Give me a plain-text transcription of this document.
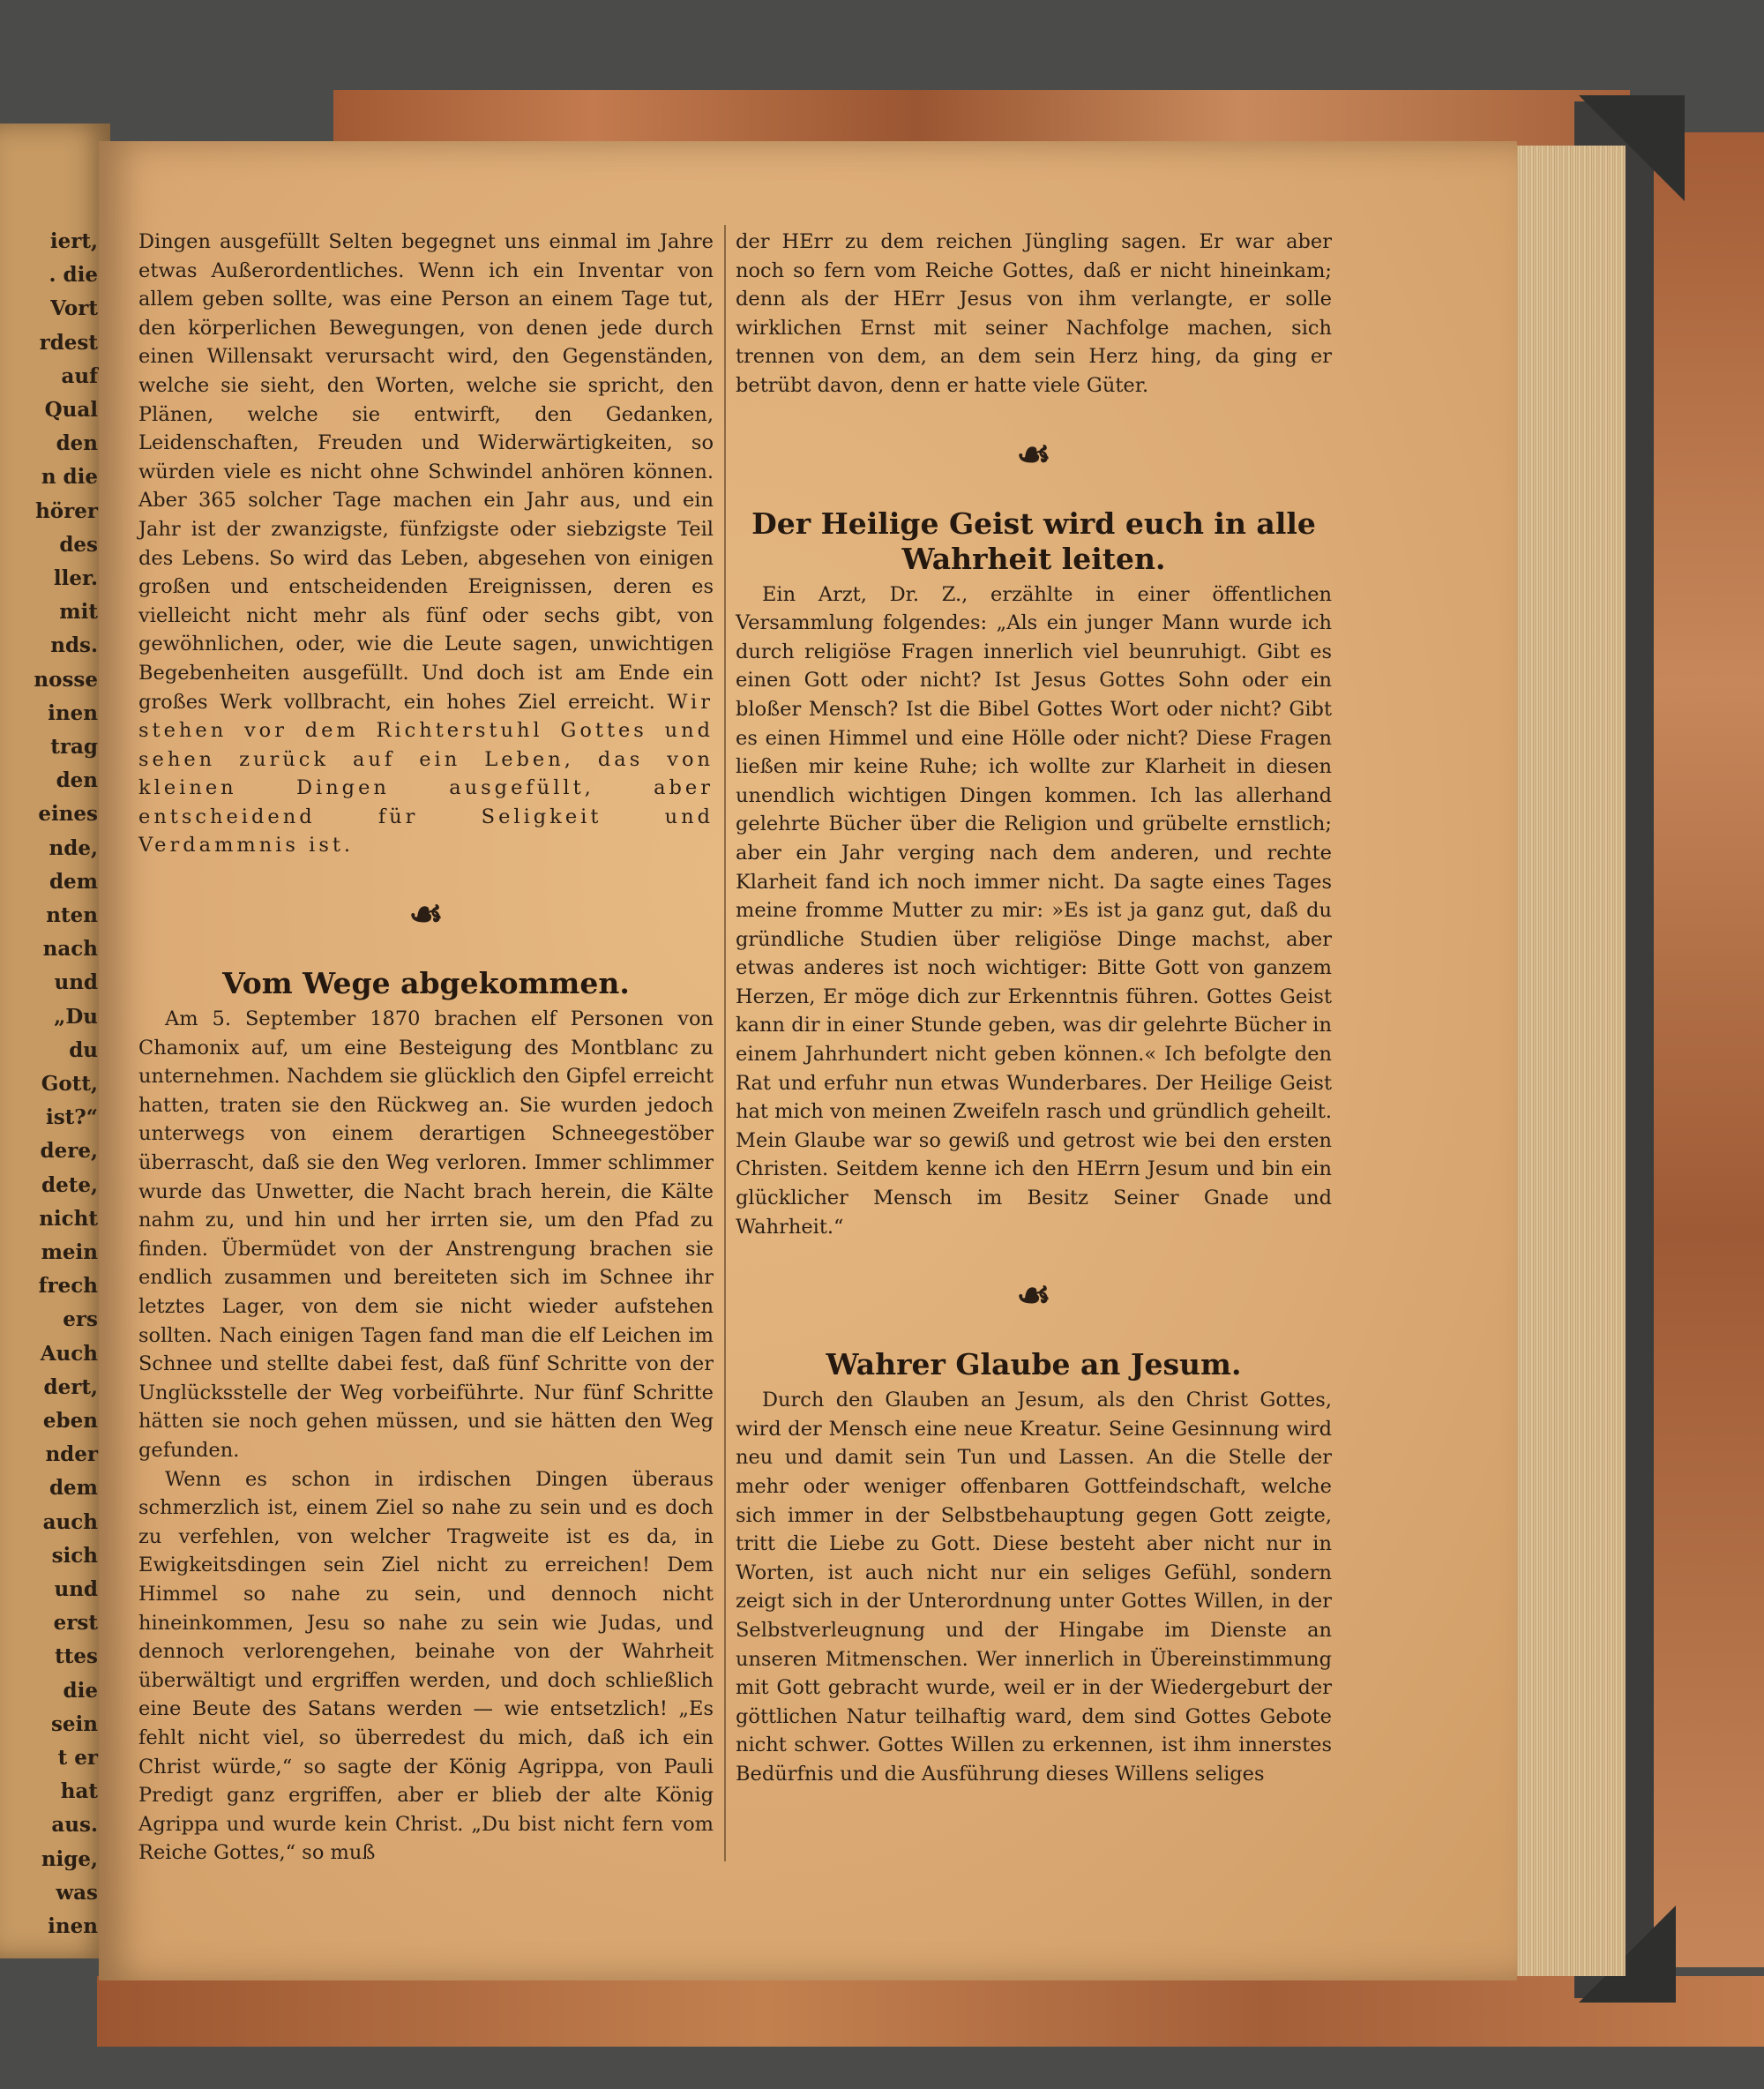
iert,
. die
Vort
rdest
auf
Qual
den
n die
hörer
des
ller.
mit
nds.
nosse
inen
trag
den
eines
nde,
dem
nten
nach
und
„Du
du
Gott,
ist?“
dere,
dete,
nicht
mein
frech
ers
Auch
dert,
eben
nder
dem
auch
sich
und
erst
ttes
die
sein
t er
hat
aus.
nige,
was
inen

Dingen ausgefüllt Selten begegnet uns einmal im Jahre etwas Außerordentliches. Wenn ich ein Inventar von allem geben sollte, was eine Person an einem Tage tut, den körperlichen Bewegungen, von denen jede durch einen Willensakt verursacht wird, den Gegenständen, welche sie sieht, den Worten, welche sie spricht, den Plänen, welche sie entwirft, den Gedanken, Leidenschaften, Freuden und Widerwärtigkeiten, so würden viele es nicht ohne Schwindel anhören können. Aber 365 solcher Tage machen ein Jahr aus, und ein Jahr ist der zwanzigste, fünfzigste oder siebzigste Teil des Lebens. So wird das Leben, abgesehen von einigen großen und entscheidenden Ereignissen, deren es vielleicht nicht mehr als fünf oder sechs gibt, von gewöhnlichen, oder, wie die Leute sagen, unwichtigen Begebenheiten ausgefüllt. Und doch ist am Ende ein großes Werk vollbracht, ein hohes Ziel erreicht. Wir stehen vor dem Richterstuhl Gottes und sehen zurück auf ein Leben, das von kleinen Dingen ausgefüllt, aber entscheidend für Seligkeit und Verdammnis ist.

☙
Vom Wege abgekommen.

Am 5. September 1870 brachen elf Personen von Chamonix auf, um eine Besteigung des Montblanc zu unternehmen. Nachdem sie glücklich den Gipfel erreicht hatten, traten sie den Rückweg an. Sie wurden jedoch unterwegs von einem derartigen Schneegestöber überrascht, daß sie den Weg verloren. Immer schlimmer wurde das Unwetter, die Nacht brach herein, die Kälte nahm zu, und hin und her irrten sie, um den Pfad zu finden. Übermüdet von der Anstrengung brachen sie endlich zusammen und bereiteten sich im Schnee ihr letztes Lager, von dem sie nicht wieder aufstehen sollten. Nach einigen Tagen fand man die elf Leichen im Schnee und stellte dabei fest, daß fünf Schritte von der Unglücksstelle der Weg vorbeiführte. Nur fünf Schritte hätten sie noch gehen müssen, und sie hätten den Weg gefunden.

Wenn es schon in irdischen Dingen überaus schmerzlich ist, einem Ziel so nahe zu sein und es doch zu verfehlen, von welcher Tragweite ist es da, in Ewigkeitsdingen sein Ziel nicht zu erreichen! Dem Himmel so nahe zu sein, und dennoch nicht hineinkommen, Jesu so nahe zu sein wie Judas, und dennoch verlorengehen, beinahe von der Wahrheit überwältigt und ergriffen werden, und doch schließlich eine Beute des Satans werden — wie entsetzlich! „Es fehlt nicht viel, so überredest du mich, daß ich ein Christ würde,“ so sagte der König Agrippa, von Pauli Predigt ganz ergriffen, aber er blieb der alte König Agrippa und wurde kein Christ. „Du bist nicht fern vom Reiche Gottes,“ so muß

der HErr zu dem reichen Jüngling sagen. Er war aber noch so fern vom Reiche Gottes, daß er nicht hineinkam; denn als der HErr Jesus von ihm verlangte, er solle wirklichen Ernst mit seiner Nachfolge machen, sich trennen von dem, an dem sein Herz hing, da ging er betrübt davon, denn er hatte viele Güter.

☙
Der Heilige Geist wird euch in alle Wahrheit leiten.

Ein Arzt, Dr. Z., erzählte in einer öffentlichen Versammlung folgendes: „Als ein junger Mann wurde ich durch religiöse Fragen innerlich viel beunruhigt. Gibt es einen Gott oder nicht? Ist Jesus Gottes Sohn oder ein bloßer Mensch? Ist die Bibel Gottes Wort oder nicht? Gibt es einen Himmel und eine Hölle oder nicht? Diese Fragen ließen mir keine Ruhe; ich wollte zur Klarheit in diesen unendlich wichtigen Dingen kommen. Ich las allerhand gelehrte Bücher über die Religion und grübelte ernstlich; aber ein Jahr verging nach dem anderen, und rechte Klarheit fand ich noch immer nicht. Da sagte eines Tages meine fromme Mutter zu mir: »Es ist ja ganz gut, daß du gründliche Studien über religiöse Dinge machst, aber etwas anderes ist noch wichtiger: Bitte Gott von ganzem Herzen, Er möge dich zur Erkenntnis führen. Gottes Geist kann dir in einer Stunde geben, was dir gelehrte Bücher in einem Jahrhundert nicht geben können.« Ich befolgte den Rat und erfuhr nun etwas Wunderbares. Der Heilige Geist hat mich von meinen Zweifeln rasch und gründlich geheilt. Mein Glaube war so gewiß und getrost wie bei den ersten Christen. Seitdem kenne ich den HErrn Jesum und bin ein glücklicher Mensch im Besitz Seiner Gnade und Wahrheit.“

☙
Wahrer Glaube an Jesum.

Durch den Glauben an Jesum, als den Christ Gottes, wird der Mensch eine neue Kreatur. Seine Gesinnung wird neu und damit sein Tun und Lassen. An die Stelle der mehr oder weniger offenbaren Gottfeindschaft, welche sich immer in der Selbstbehauptung gegen Gott zeigte, tritt die Liebe zu Gott. Diese besteht aber nicht nur in Worten, ist auch nicht nur ein seliges Gefühl, sondern zeigt sich in der Unterordnung unter Gottes Willen, in der Selbstverleugnung und der Hingabe im Dienste an unseren Mitmenschen. Wer innerlich in Übereinstimmung mit Gott gebracht wurde, weil er in der Wiedergeburt der göttlichen Natur teilhaftig ward, dem sind Gottes Gebote nicht schwer. Gottes Willen zu erkennen, ist ihm innerstes Bedürfnis und die Ausführung dieses Willens seliges
